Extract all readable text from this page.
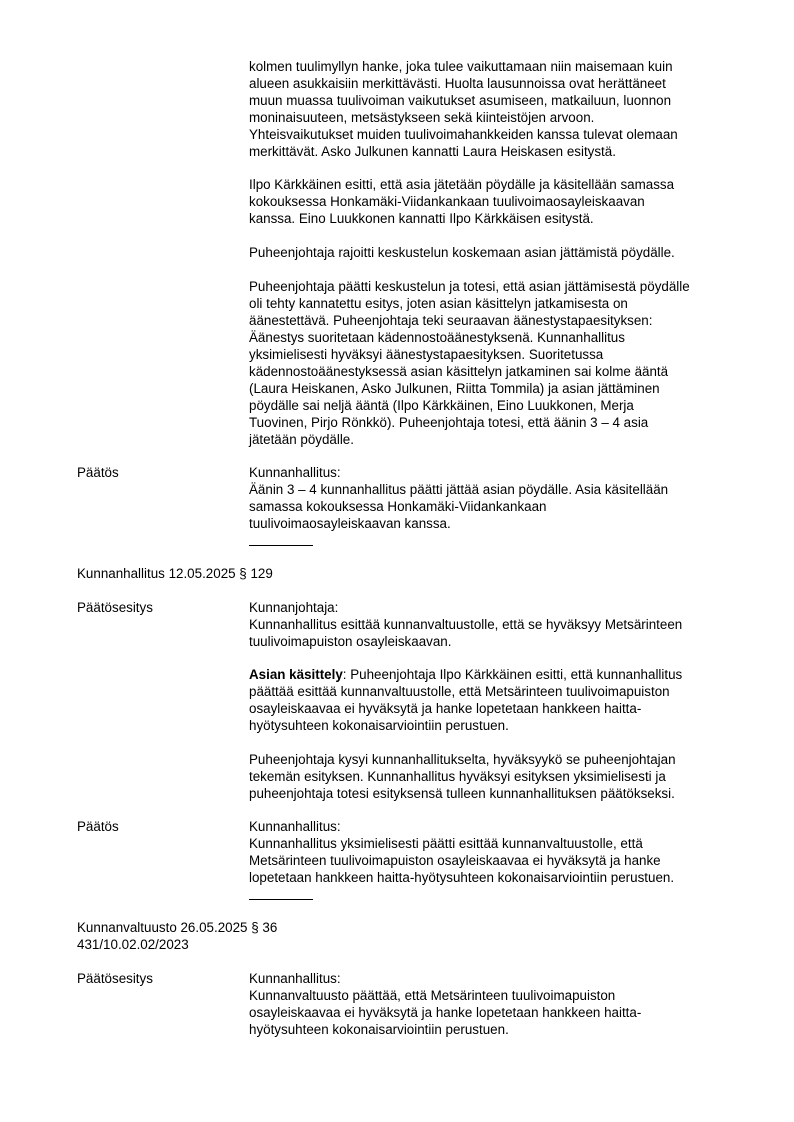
kolmen tuulimyllyn hanke, joka tulee vaikuttamaan niin maisemaan kuin
alueen asukkaisiin merkittävästi. Huolta lausunnoissa ovat herättäneet
muun muassa tuulivoiman vaikutukset asumiseen, matkailuun, luonnon
moninaisuuteen, metsästykseen sekä kiinteistöjen arvoon.
Yhteisvaikutukset muiden tuulivoimahankkeiden kanssa tulevat olemaan
merkittävät. Asko Julkunen kannatti Laura Heiskasen esitystä.
Ilpo Kärkkäinen esitti, että asia jätetään pöydälle ja käsitellään samassa
kokouksessa Honkamäki-Viidankankaan tuulivoimaosayleiskaavan
kanssa. Eino Luukkonen kannatti Ilpo Kärkkäisen esitystä.
Puheenjohtaja rajoitti keskustelun koskemaan asian jättämistä pöydälle.
Puheenjohtaja päätti keskustelun ja totesi, että asian jättämisestä pöydälle
oli tehty kannatettu esitys, joten asian käsittelyn jatkamisesta on
äänestettävä. Puheenjohtaja teki seuraavan äänestystapaesityksen:
Äänestys suoritetaan kädennostoäänestyksenä. Kunnanhallitus
yksimielisesti hyväksyi äänestystapaesityksen. Suoritetussa
kädennostoäänestyksessä asian käsittelyn jatkaminen sai kolme ääntä
(Laura Heiskanen, Asko Julkunen, Riitta Tommila) ja asian jättäminen
pöydälle sai neljä ääntä (Ilpo Kärkkäinen, Eino Luukkonen, Merja
Tuovinen, Pirjo Rönkkö). Puheenjohtaja totesi, että äänin 3 – 4 asia
jätetään pöydälle.
Päätös	Kunnanhallitus:
Äänin 3 – 4 kunnanhallitus päätti jättää asian pöydälle. Asia käsitellään
samassa kokouksessa Honkamäki-Viidankankaan
tuulivoimaosayleiskaavan kanssa.
Kunnanhallitus 12.05.2025 § 129
Päätösesitys	Kunnanjohtaja:
Kunnanhallitus esittää kunnanvaltuustolle, että se hyväksyy Metsärinteen
tuulivoimapuiston osayleiskaavan.
Asian käsittely: Puheenjohtaja Ilpo Kärkkäinen esitti, että kunnanhallitus
päättää esittää kunnanvaltuustolle, että Metsärinteen tuulivoimapuiston
osayleiskaavaa ei hyväksytä ja hanke lopetetaan hankkeen haitta-
hyötysuhteen kokonaisarviointiin perustuen.
Puheenjohtaja kysyi kunnanhallitukselta, hyväksyykö se puheenjohtajan
tekemän esityksen. Kunnanhallitus hyväksyi esityksen yksimielisesti ja
puheenjohtaja totesi esityksensä tulleen kunnanhallituksen päätökseksi.
Päätös	Kunnanhallitus:
Kunnanhallitus yksimielisesti päätti esittää kunnanvaltuustolle, että
Metsärinteen tuulivoimapuiston osayleiskaavaa ei hyväksytä ja hanke
lopetetaan hankkeen haitta-hyötysuhteen kokonaisarviointiin perustuen.
Kunnanvaltuusto 26.05.2025 § 36
431/10.02.02/2023
Päätösesitys	Kunnanhallitus:
Kunnanvaltuusto päättää, että Metsärinteen tuulivoimapuiston
osayleiskaavaa ei hyväksytä ja hanke lopetetaan hankkeen haitta-
hyötysuhteen kokonaisarviointiin perustuen.
